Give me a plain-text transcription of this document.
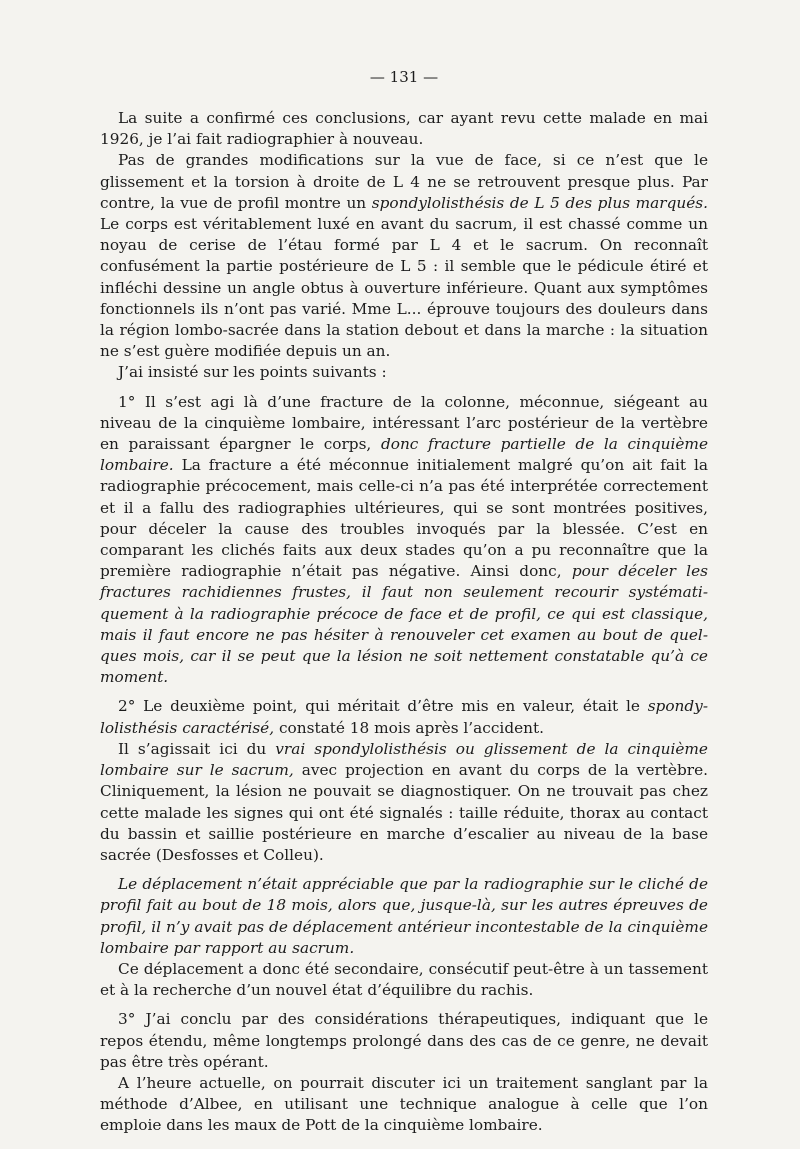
— 131 —

La suite a confirmé ces conclusions, car ayant revu cette malade en mai 1926, je l’ai fait radiographier à nouveau.

Pas de grandes modifications sur la vue de face, si ce n’est que le glissement et la torsion à droite de L 4 ne se retrouvent presque plus. Par contre, la vue de profil montre un spondylolisthésis de L 5 des plus marqués. Le corps est véritablement luxé en avant du sacrum, il est chassé comme un noyau de cerise de l’étau formé par L 4 et le sacrum. On reconnaît confusément la partie postérieure de L 5 : il semble que le pédicule étiré et infléchi dessine un angle obtus à ouverture inférieure. Quant aux symptômes fonctionnels ils n’ont pas varié. Mme L... éprouve toujours des douleurs dans la région lombo-sacrée dans la station debout et dans la marche : la situation ne s’est guère modifiée depuis un an.

J’ai insisté sur les points suivants :

1° Il s’est agi là d’une fracture de la colonne, méconnue, siégeant au niveau de la cinquième lombaire, intéressant l’arc postérieur de la vertèbre en paraissant épargner le corps, donc fracture partielle de la cinquième lombaire. La fracture a été méconnue initialement malgré qu’on ait fait la radiographie précocement, mais celle-ci n’a pas été interprétée correctement et il a fallu des radiographies ultérieures, qui se sont montrées positives, pour déceler la cause des troubles invoqués par la blessée. C’est en comparant les clichés faits aux deux stades qu’on a pu reconnaître que la première radiographie n’était pas négative. Ainsi donc, pour déceler les fractures rachidiennes frustes, il faut non seulement recourir systématiquement à la radiographie précoce de face et de profil, ce qui est classique, mais il faut encore ne pas hésiter à renouveler cet examen au bout de quelques mois, car il se peut que la lésion ne soit nettement constatable qu’à ce moment.

2° Le deuxième point, qui méritait d’être mis en valeur, était le spondylolisthésis caractérisé, constaté 18 mois après l’accident.

Il s’agissait ici du vrai spondylolisthésis ou glissement de la cinquième lombaire sur le sacrum, avec projection en avant du corps de la vertèbre. Cliniquement, la lésion ne pouvait se diagnostiquer. On ne trouvait pas chez cette malade les signes qui ont été signalés : taille réduite, thorax au contact du bassin et saillie postérieure en marche d’escalier au niveau de la base sacrée (Desfosses et Colleu).

Le déplacement n’était appréciable que par la radiographie sur le cliché de profil fait au bout de 18 mois, alors que, jusque-là, sur les autres épreuves de profil, il n’y avait pas de déplacement antérieur incontestable de la cinquième lombaire par rapport au sacrum.

Ce déplacement a donc été secondaire, consécutif peut-être à un tassement et à la recherche d’un nouvel état d’équilibre du rachis.

3° J’ai conclu par des considérations thérapeutiques, indiquant que le repos étendu, même longtemps prolongé dans des cas de ce genre, ne devait pas être très opérant.

A l’heure actuelle, on pourrait discuter ici un traitement sanglant par la méthode d’Albee, en utilisant une technique analogue à celle que l’on emploie dans les maux de Pott de la cinquième lombaire.
